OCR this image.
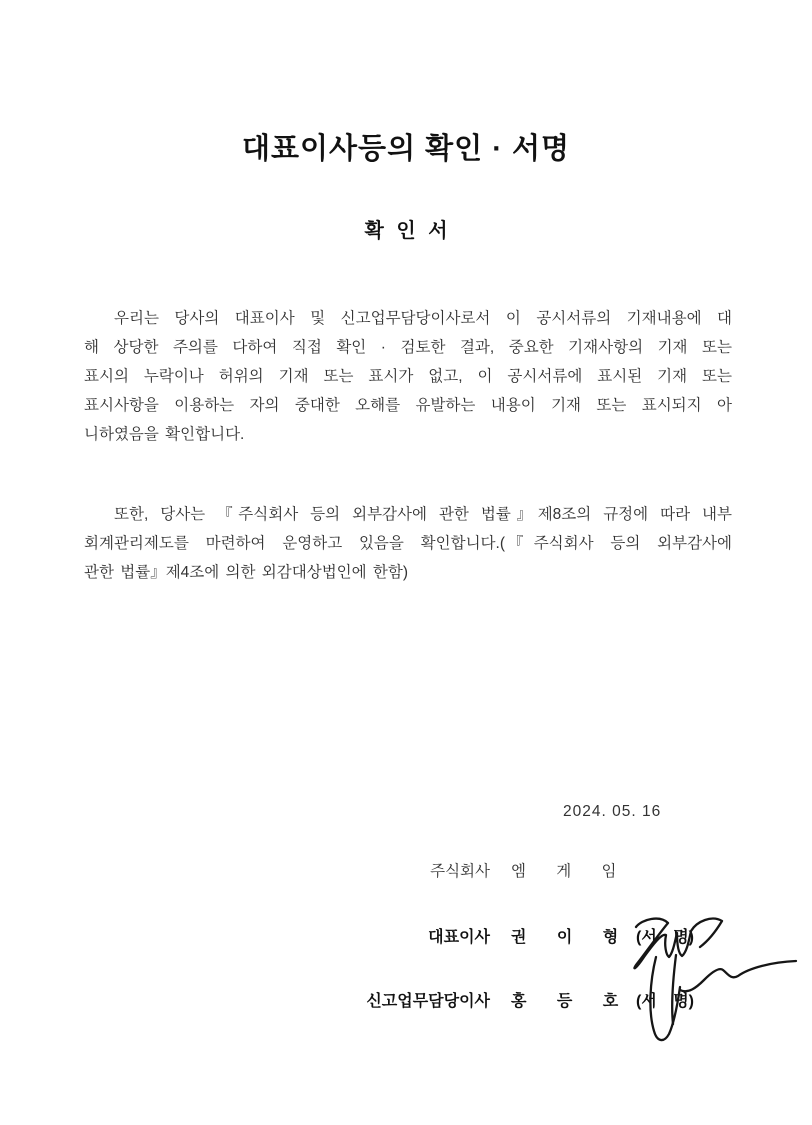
대표이사등의 확인 · 서명
확 인 서
우리는 당사의 대표이사 및 신고업무담당이사로서 이 공시서류의 기재내용에 대
해 상당한 주의를 다하여 직접 확인 · 검토한 결과, 중요한 기재사항의 기재 또는
표시의 누락이나 허위의 기재 또는 표시가 없고, 이 공시서류에 표시된 기재 또는
표시사항을 이용하는 자의 중대한 오해를 유발하는 내용이 기재 또는 표시되지 아
니하였음을 확인합니다.
또한, 당사는 『주식회사 등의 외부감사에 관한 법률』제8조의 규정에 따라 내부
회계관리제도를 마련하여 운영하고 있음을 확인합니다.(『주식회사 등의 외부감사에
관한 법률』제4조에 의한 외감대상법인에 한함)
2024. 05. 16
주식회사 엠 게 임
대표이사 권 이 형 (서 명)
신고업무담당이사 홍 등 호 (서 명)
